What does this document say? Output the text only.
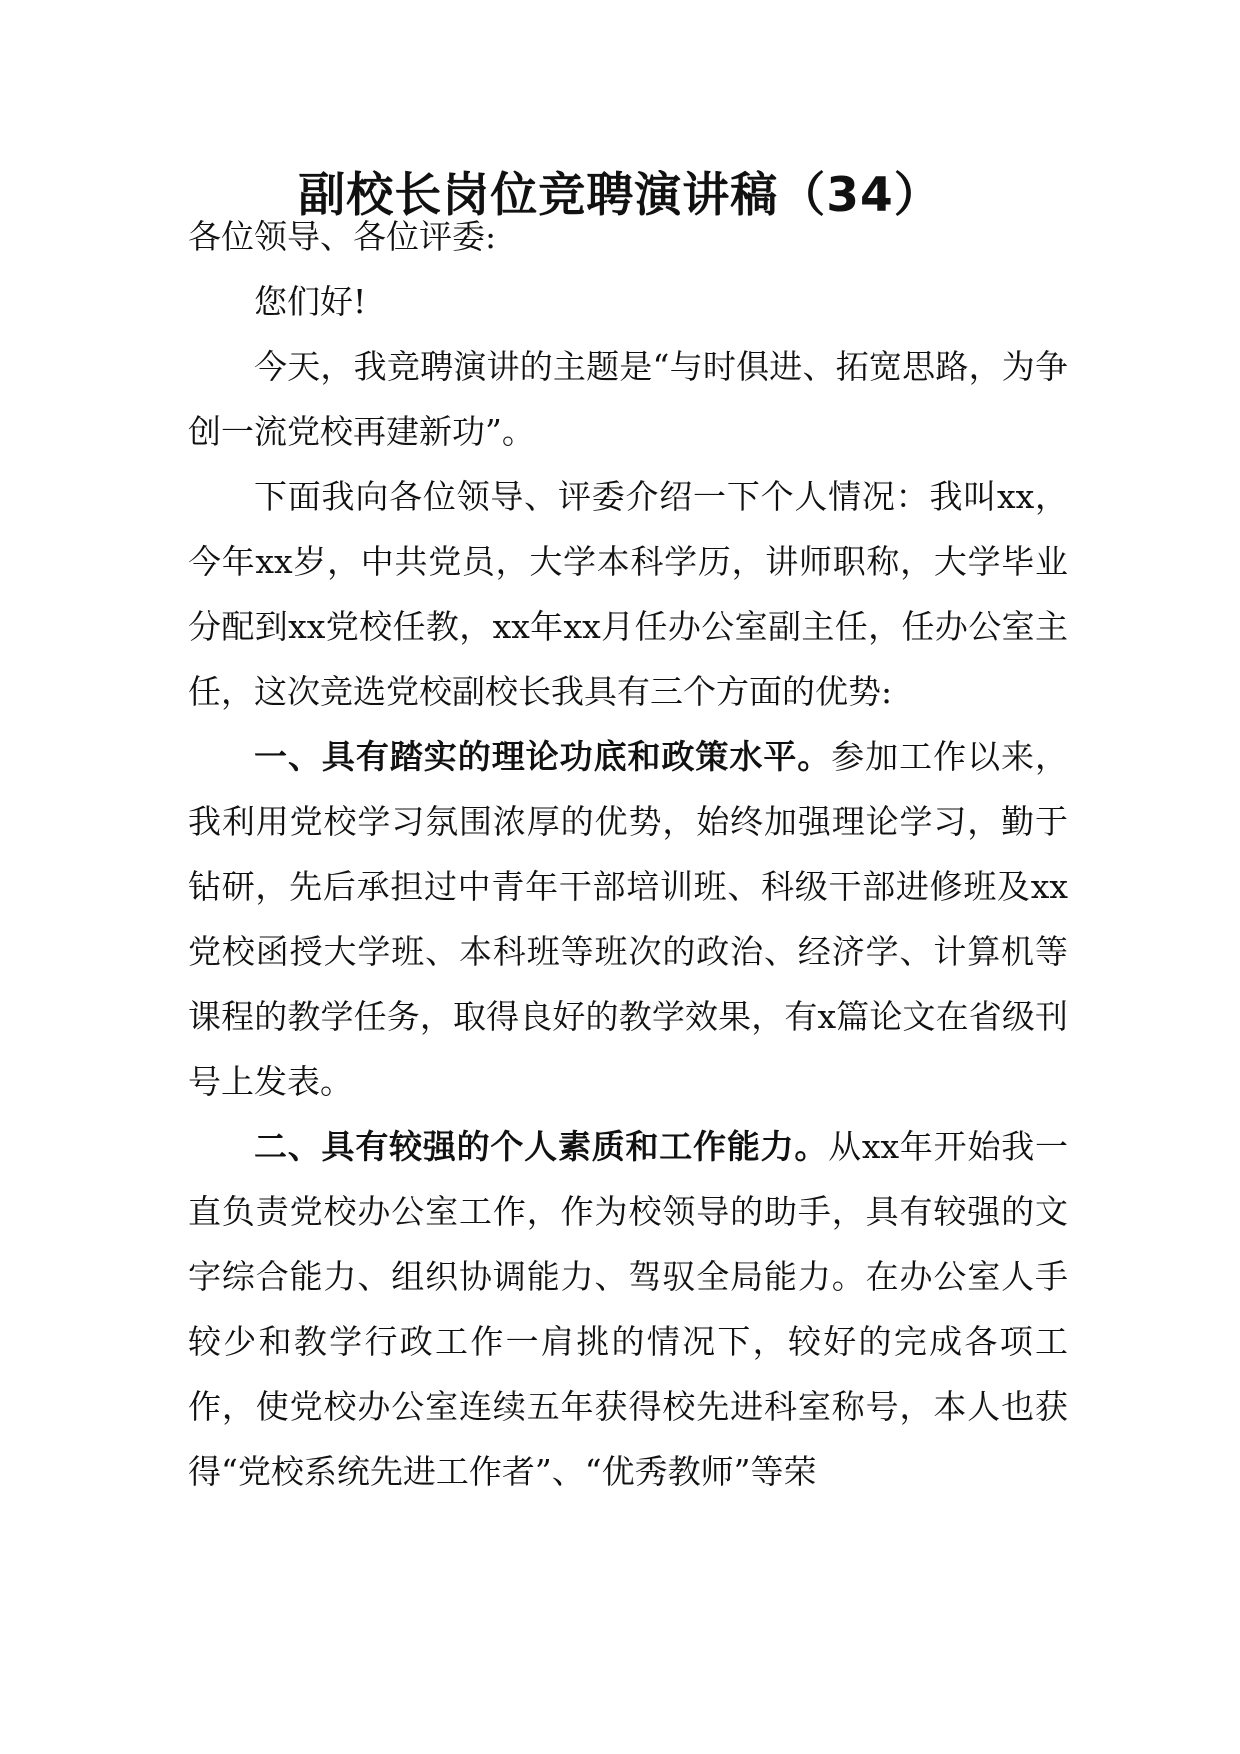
副校长岗位竞聘演讲稿（34）

各位领导、各位评委:

您们好!

今天，我竞聘演讲的主题是“与时俱进、拓宽思路，为争创一流党校再建新功”。

下面我向各位领导、评委介绍一下个人情况：我叫xx，今年xx岁，中共党员，大学本科学历，讲师职称，大学毕业分配到xx党校任教，xx年xx月任办公室副主任，任办公室主任，这次竞选党校副校长我具有三个方面的优势:

一、具有踏实的理论功底和政策水平。参加工作以来，我利用党校学习氛围浓厚的优势，始终加强理论学习，勤于钻研，先后承担过中青年干部培训班、科级干部进修班及xx党校函授大学班、本科班等班次的政治、经济学、计算机等课程的教学任务，取得良好的教学效果，有x篇论文在省级刊号上发表。

二、具有较强的个人素质和工作能力。从xx年开始我一直负责党校办公室工作，作为校领导的助手，具有较强的文字综合能力、组织协调能力、驾驭全局能力。在办公室人手较少和教学行政工作一肩挑的情况下，较好的完成各项工作，使党校办公室连续五年获得校先进科室称号，本人也获得“党校系统先进工作者”、“优秀教师”等荣
